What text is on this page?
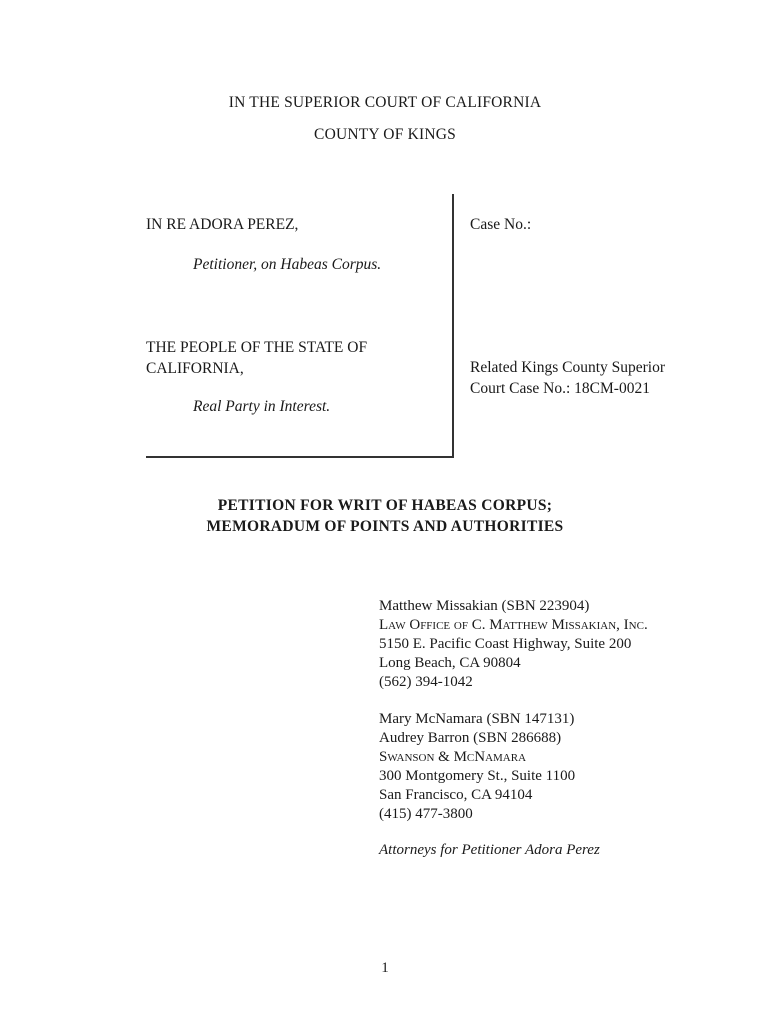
IN THE SUPERIOR COURT OF CALIFORNIA
COUNTY OF KINGS
IN RE ADORA PEREZ,
Petitioner, on Habeas Corpus.
THE PEOPLE OF THE STATE OF
CALIFORNIA,
Real Party in Interest.
Case No.:
Related Kings County Superior
Court Case No.: 18CM-0021
PETITION FOR WRIT OF HABEAS CORPUS;
MEMORADUM OF POINTS AND AUTHORITIES
Matthew Missakian (SBN 223904)
Law Office of C. Matthew Missakian, Inc.
5150 E. Pacific Coast Highway, Suite 200
Long Beach, CA 90804
(562) 394-1042
Mary McNamara (SBN 147131)
Audrey Barron (SBN 286688)
Swanson & McNamara
300 Montgomery St., Suite 1100
San Francisco, CA 94104
(415) 477-3800
Attorneys for Petitioner Adora Perez
1
